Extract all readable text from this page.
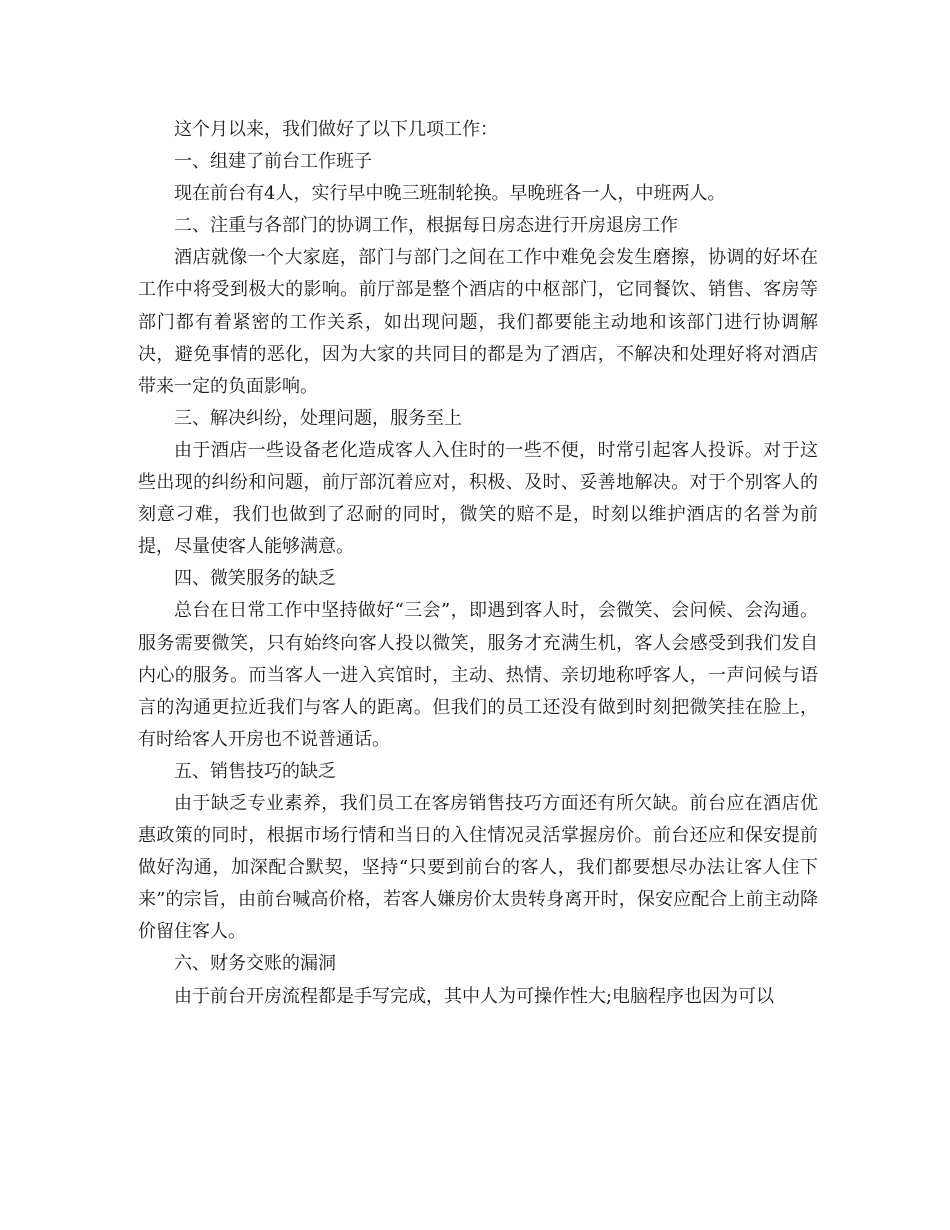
这个月以来，我们做好了以下几项工作：

一、组建了前台工作班子

现在前台有4人，实行早中晚三班制轮换。早晚班各一人，中班两人。

二、注重与各部门的协调工作，根据每日房态进行开房退房工作

酒店就像一个大家庭，部门与部门之间在工作中难免会发生磨擦，协调的好坏在工作中将受到极大的影响。前厅部是整个酒店的中枢部门，它同餐饮、销售、客房等部门都有着紧密的工作关系，如出现问题，我们都要能主动地和该部门进行协调解决，避免事情的恶化，因为大家的共同目的都是为了酒店，不解决和处理好将对酒店带来一定的负面影响。

三、解决纠纷，处理问题，服务至上

由于酒店一些设备老化造成客人入住时的一些不便，时常引起客人投诉。对于这些出现的纠纷和问题，前厅部沉着应对，积极、及时、妥善地解决。对于个别客人的刻意刁难，我们也做到了忍耐的同时，微笑的赔不是，时刻以维护酒店的名誉为前提，尽量使客人能够满意。

四、微笑服务的缺乏

总台在日常工作中坚持做好“三会”，即遇到客人时，会微笑、会问候、会沟通。服务需要微笑，只有始终向客人投以微笑，服务才充满生机，客人会感受到我们发自内心的服务。而当客人一进入宾馆时，主动、热情、亲切地称呼客人，一声问候与语言的沟通更拉近我们与客人的距离。但我们的员工还没有做到时刻把微笑挂在脸上，有时给客人开房也不说普通话。

五、销售技巧的缺乏

由于缺乏专业素养，我们员工在客房销售技巧方面还有所欠缺。前台应在酒店优惠政策的同时，根据市场行情和当日的入住情况灵活掌握房价。前台还应和保安提前做好沟通，加深配合默契，坚持“只要到前台的客人，我们都要想尽办法让客人住下来”的宗旨，由前台喊高价格，若客人嫌房价太贵转身离开时，保安应配合上前主动降价留住客人。

六、财务交账的漏洞

由于前台开房流程都是手写完成，其中人为可操作性大;电脑程序也因为可以
